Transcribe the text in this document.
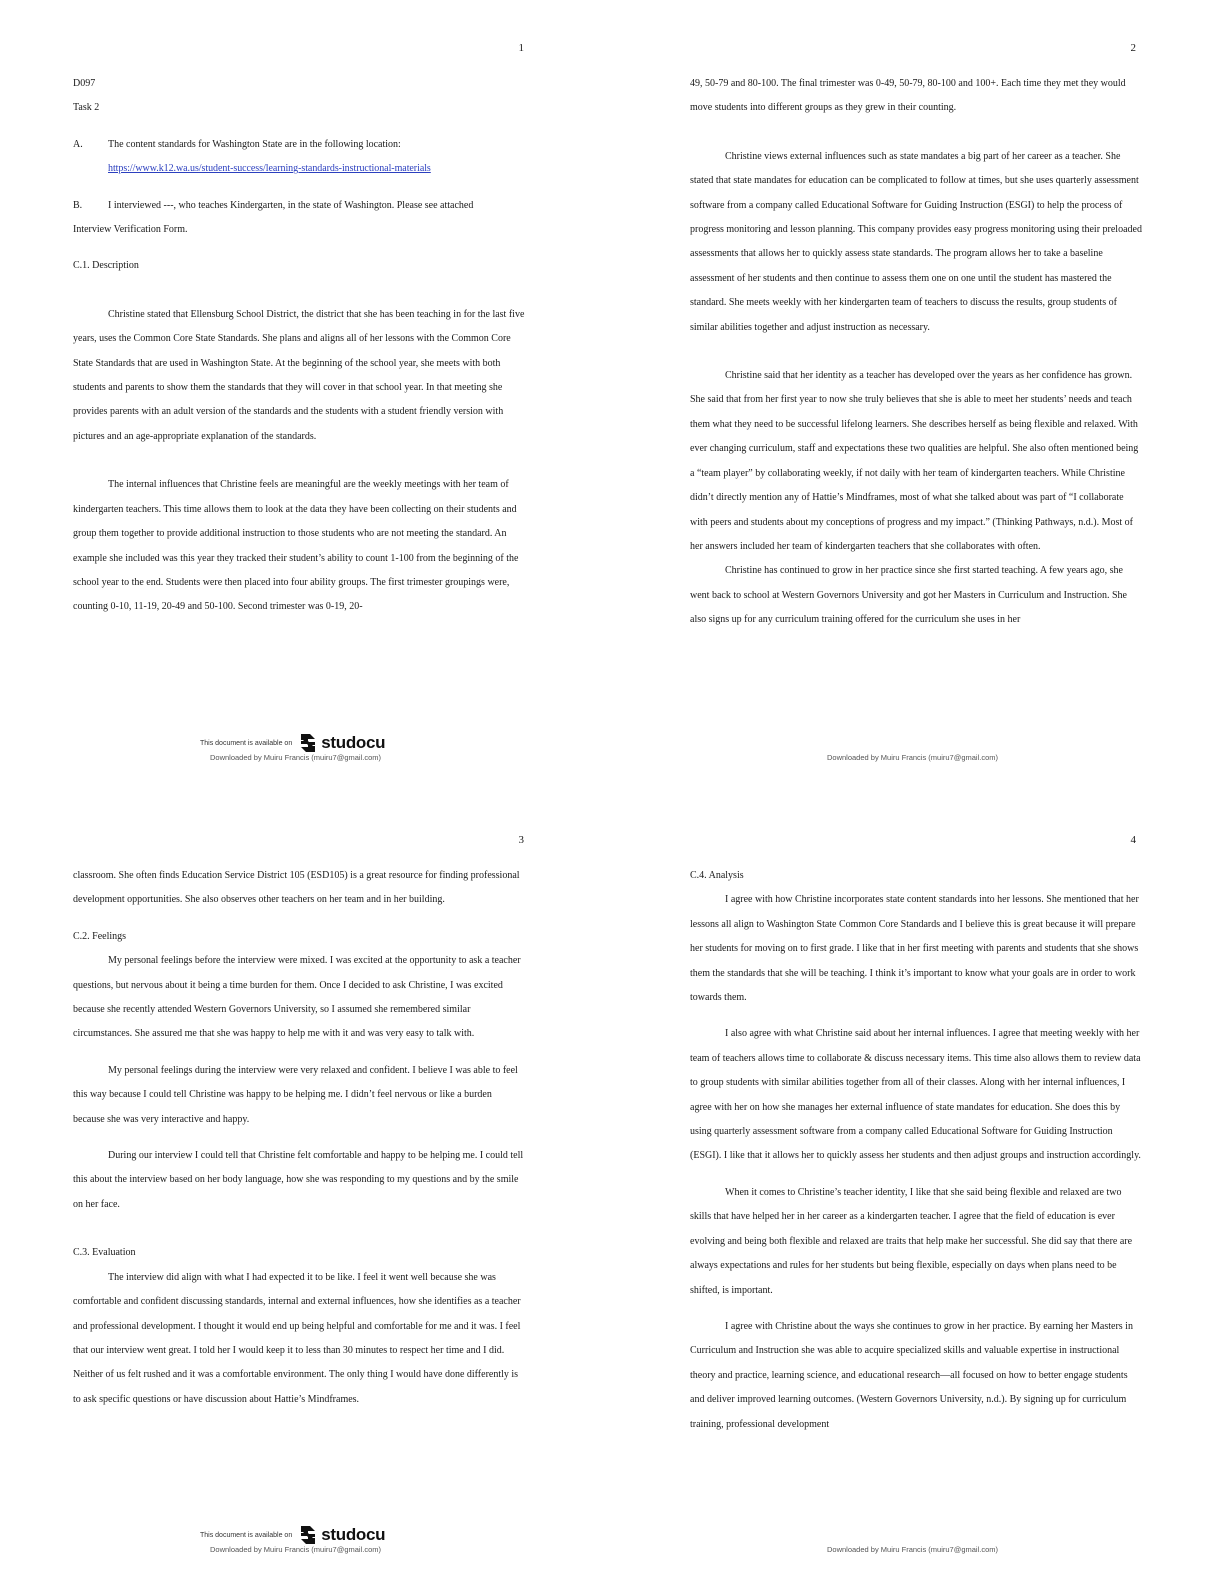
1

D097

Task 2

A.	The content standards for Washington State are in the following location:
https://www.k12.wa.us/student-success/learning-standards-instructional-materials
B.	I interviewed ---, who teaches Kindergarten, in the state of Washington. Please see attached

Interview Verification Form.

C.1. Description

Christine stated that Ellensburg School District, the district that she has been teaching in for the last five years, uses the Common Core State Standards. She plans and aligns all of her lessons with the Common Core State Standards that are used in Washington State. At the beginning of the school year, she meets with both students and parents to show them the standards that they will cover in that school year. In that meeting she provides parents with an adult version of the standards and the students with a student friendly version with pictures and an age-appropriate explanation of the standards.

The internal influences that Christine feels are meaningful are the weekly meetings with her team of kindergarten teachers. This time allows them to look at the data they have been collecting on their students and group them together to provide additional instruction to those students who are not meeting the standard. An example she included was this year they tracked their student’s ability to count 1-100 from the beginning of the school year to the end. Students were then placed into four ability groups. The first trimester groupings were, counting 0-10, 11-19, 20-49 and 50-100. Second trimester was 0-19, 20-

This document is available on studocu
Downloaded by Muiru Francis (muiru7@gmail.com)
2

49, 50-79 and 80-100. The final trimester was 0-49, 50-79, 80-100 and 100+. Each time they met they would move students into different groups as they grew in their counting.

Christine views external influences such as state mandates a big part of her career as a teacher. She stated that state mandates for education can be complicated to follow at times, but she uses quarterly assessment software from a company called Educational Software for Guiding Instruction (ESGI) to help the process of progress monitoring and lesson planning. This company provides easy progress monitoring using their preloaded assessments that allows her to quickly assess state standards. The program allows her to take a baseline assessment of her students and then continue to assess them one on one until the student has mastered the standard. She meets weekly with her kindergarten team of teachers to discuss the results, group students of similar abilities together and adjust instruction as necessary.

Christine said that her identity as a teacher has developed over the years as her confidence has grown. She said that from her first year to now she truly believes that she is able to meet her students’ needs and teach them what they need to be successful lifelong learners. She describes herself as being flexible and relaxed. With ever changing curriculum, staff and expectations these two qualities are helpful. She also often mentioned being a “team player” by collaborating weekly, if not daily with her team of kindergarten teachers. While Christine didn’t directly mention any of Hattie’s Mindframes, most of what she talked about was part of “I collaborate with peers and students about my conceptions of progress and my impact.” (Thinking Pathways, n.d.). Most of her answers included her team of kindergarten teachers that she collaborates with often.

Christine has continued to grow in her practice since she first started teaching. A few years ago, she went back to school at Western Governors University and got her Masters in Curriculum and Instruction. She also signs up for any curriculum training offered for the curriculum she uses in her

Downloaded by Muiru Francis (muiru7@gmail.com)
3

classroom. She often finds Education Service District 105 (ESD105) is a great resource for finding professional development opportunities. She also observes other teachers on her team and in her building.

C.2. Feelings

My personal feelings before the interview were mixed. I was excited at the opportunity to ask a teacher questions, but nervous about it being a time burden for them. Once I decided to ask Christine, I was excited because she recently attended Western Governors University, so I assumed she remembered similar circumstances. She assured me that she was happy to help me with it and was very easy to talk with.

My personal feelings during the interview were very relaxed and confident. I believe I was able to feel this way because I could tell Christine was happy to be helping me. I didn’t feel nervous or like a burden because she was very interactive and happy.

During our interview I could tell that Christine felt comfortable and happy to be helping me. I could tell this about the interview based on her body language, how she was responding to my questions and by the smile on her face.

C.3. Evaluation

The interview did align with what I had expected it to be like. I feel it went well because she was comfortable and confident discussing standards, internal and external influences, how she identifies as a teacher and professional development. I thought it would end up being helpful and comfortable for me and it was. I feel that our interview went great. I told her I would keep it to less than 30 minutes to respect her time and I did. Neither of us felt rushed and it was a comfortable environment. The only thing I would have done differently is to ask specific questions or have discussion about Hattie’s Mindframes.

This document is available on studocu
Downloaded by Muiru Francis (muiru7@gmail.com)
4

C.4. Analysis

I agree with how Christine incorporates state content standards into her lessons. She mentioned that her lessons all align to Washington State Common Core Standards and I believe this is great because it will prepare her students for moving on to first grade. I like that in her first meeting with parents and students that she shows them the standards that she will be teaching. I think it’s important to know what your goals are in order to work towards them.

I also agree with what Christine said about her internal influences. I agree that meeting weekly with her team of teachers allows time to collaborate & discuss necessary items. This time also allows them to review data to group students with similar abilities together from all of their classes. Along with her internal influences, I agree with her on how she manages her external influence of state mandates for education. She does this by using quarterly assessment software from a company called Educational Software for Guiding Instruction (ESGI). I like that it allows her to quickly assess her students and then adjust groups and instruction accordingly.

When it comes to Christine’s teacher identity, I like that she said being flexible and relaxed are two skills that have helped her in her career as a kindergarten teacher. I agree that the field of education is ever evolving and being both flexible and relaxed are traits that help make her successful. She did say that there are always expectations and rules for her students but being flexible, especially on days when plans need to be shifted, is important.

I agree with Christine about the ways she continues to grow in her practice. By earning her Masters in Curriculum and Instruction she was able to acquire specialized skills and valuable expertise in instructional theory and practice, learning science, and educational research—all focused on how to better engage students and deliver improved learning outcomes. (Western Governors University, n.d.). By signing up for curriculum training, professional development

Downloaded by Muiru Francis (muiru7@gmail.com)
